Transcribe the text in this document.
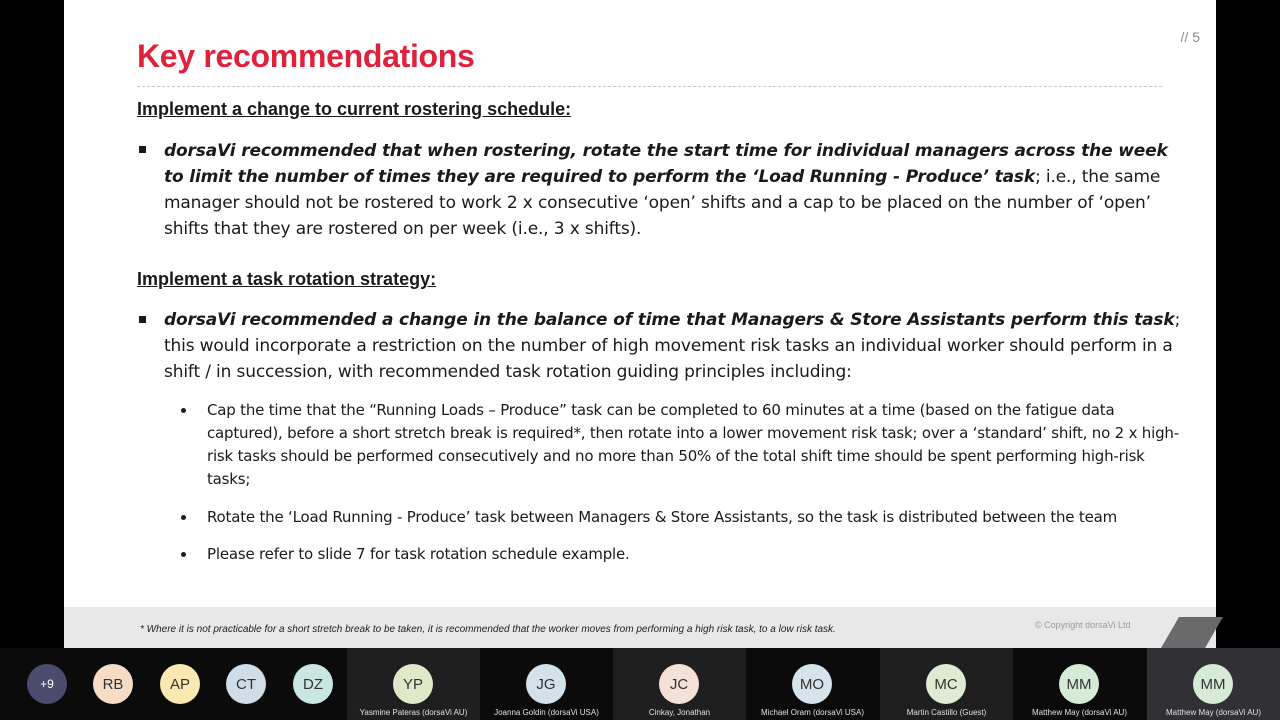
Key recommendations
// 5
Implement a change to current rostering schedule:
dorsaVi recommended that when rostering, rotate the start time for individual managers across the week to limit the number of times they are required to perform the ‘Load Running - Produce’ task; i.e., the same manager should not be rostered to work 2 x consecutive ‘open’ shifts and a cap to be placed on the number of ‘open’ shifts that they are rostered on per week (i.e., 3 x shifts).
Implement a task rotation strategy:
dorsaVi recommended a change in the balance of time that Managers & Store Assistants perform this task; this would incorporate a restriction on the number of high movement risk tasks an individual worker should perform in a shift / in succession, with recommended task rotation guiding principles including:
Cap the time that the “Running Loads – Produce” task can be completed to 60 minutes at a time (based on the fatigue data captured), before a short stretch break is required*, then rotate into a lower movement risk task; over a ‘standard’ shift, no 2 x high-risk tasks should be performed consecutively and no more than 50% of the total shift time should be spent performing high-risk tasks;
Rotate the ‘Load Running - Produce’ task between Managers & Store Assistants, so the task is distributed between the team
Please refer to slide 7 for task rotation schedule example.
* Where it is not practicable for a short stretch break to be taken, it is recommended that the worker moves from performing a high risk task, to a low risk task.	© Copyright dorsaVi Ltd
+9	RB	AP	CT	DZ	YP
Yasmine Pateras (dorsaVi AU)
JG
Joanna Goldin (dorsaVi USA)
JC
Cinkay, Jonathan
MO
Michael Oram (dorsaVi USA)
MC
Martin Castillo (Guest)
MM
Matthew May (dorsaVi AU)
MM
Matthew May (dorsaVi AU)
